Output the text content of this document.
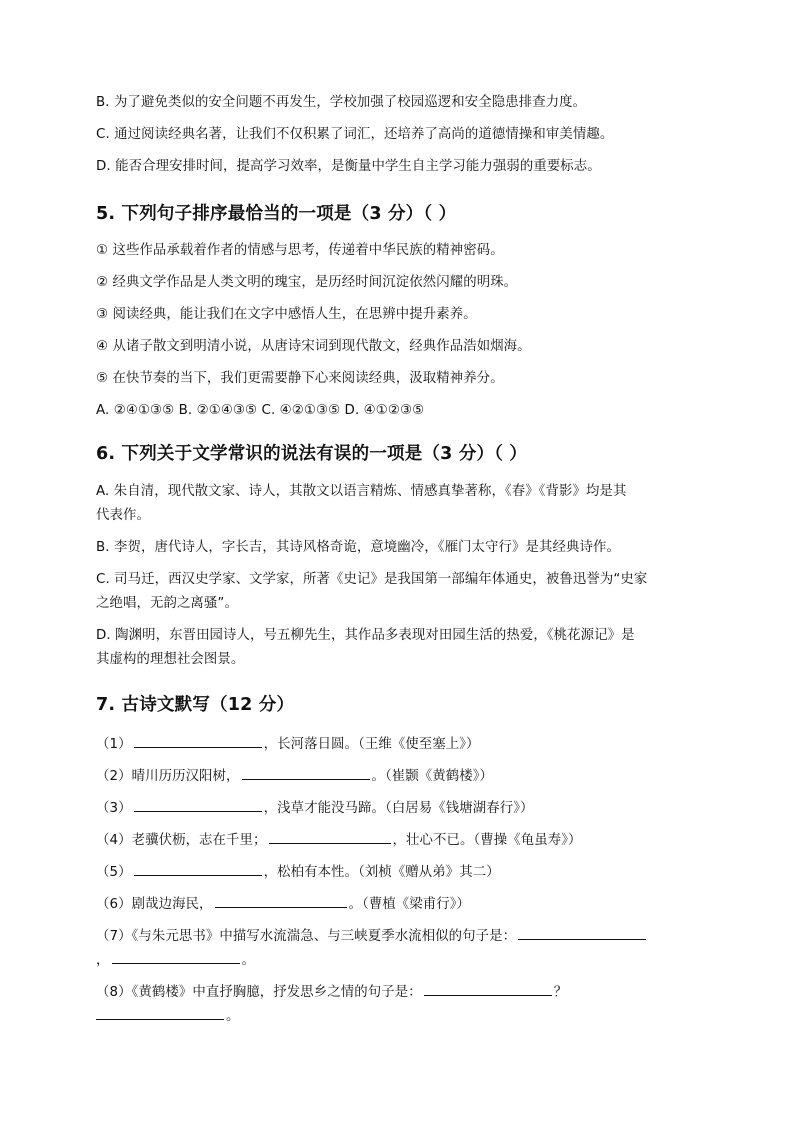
B. 为了避免类似的安全问题不再发生，学校加强了校园巡逻和安全隐患排查力度。
C. 通过阅读经典名著，让我们不仅积累了词汇，还培养了高尚的道德情操和审美情趣。
D. 能否合理安排时间，提高学习效率，是衡量中学生自主学习能力强弱的重要标志。
5. 下列句子排序最恰当的一项是（3 分）（ ）
① 这些作品承载着作者的情感与思考，传递着中华民族的精神密码。
② 经典文学作品是人类文明的瑰宝，是历经时间沉淀依然闪耀的明珠。
③ 阅读经典，能让我们在文字中感悟人生，在思辨中提升素养。
④ 从诸子散文到明清小说，从唐诗宋词到现代散文，经典作品浩如烟海。
⑤ 在快节奏的当下，我们更需要静下心来阅读经典，汲取精神养分。
A. ②④①③⑤ B. ②①④③⑤ C. ④②①③⑤ D. ④①②③⑤
6. 下列关于文学常识的说法有误的一项是（3 分）（ ）
A. 朱自清，现代散文家、诗人，其散文以语言精炼、情感真挚著称，《春》《背影》均是其
代表作。
B. 李贺，唐代诗人，字长吉，其诗风格奇诡，意境幽冷，《雁门太守行》是其经典诗作。
C. 司马迁，西汉史学家、文学家，所著《史记》是我国第一部编年体通史，被鲁迅誉为“史家
之绝唱，无韵之离骚”。
D. 陶渊明，东晋田园诗人，号五柳先生，其作品多表现对田园生活的热爱，《桃花源记》是
其虚构的理想社会图景。
7. 古诗文默写（12 分）
（1）	，长河落日圆。（王维《使至塞上》）
（2）晴川历历汉阳树，	。（崔颢《黄鹤楼》）
（3）	，浅草才能没马蹄。（白居易《钱塘湖春行》）
（4）老骥伏枥，志在千里；	，壮心不已。（曹操《龟虽寿》）
（5）	，松柏有本性。（刘桢《赠从弟》其二）
（6）剧哉边海民，	。（曹植《梁甫行》）
（7）《与朱元思书》中描写水流湍急、与三峡夏季水流相似的句子是：
，	。
（8）《黄鹤楼》中直抒胸臆，抒发思乡之情的句子是：	？
。
